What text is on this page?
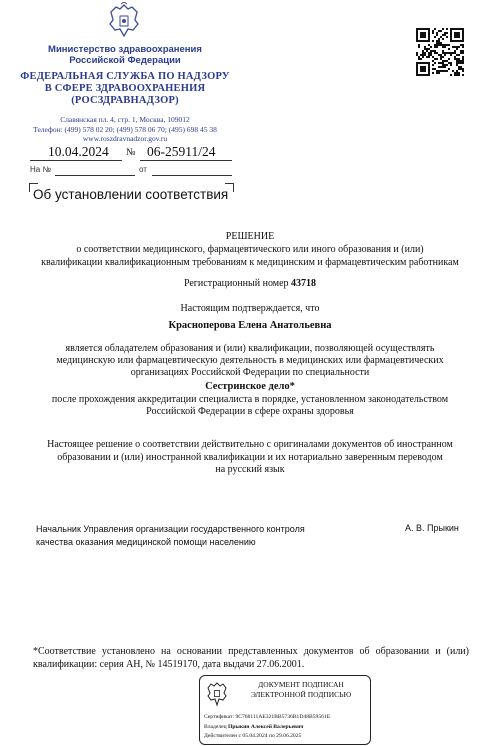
Министерство здравоохранения
Российской Федерации
ФЕДЕРАЛЬНАЯ СЛУЖБА ПО НАДЗОРУ
В СФЕРЕ ЗДРАВООХРАНЕНИЯ
(РОСЗДРАВНАДЗОР)
Славянская пл. 4, стр. 1, Москва, 109012
Телефон: (499) 578 02 20; (499) 578 06 70; (495) 698 45 38
www.roszdravnadzor.gov.ru
10.04.2024 № 06-25911/24
На №	от
Об установлении соответствия
РЕШЕНИЕ
о соответствии медицинского, фармацевтического или иного образования и (или)
квалификации квалификационным требованиям к медицинским и фармацевтическим работникам
Регистрационный номер 43718
Настоящим подтверждается, что
Красноперова Елена Анатольевна
является обладателем образования и (или) квалификации, позволяющей осуществлять
медицинскую или фармацевтическую деятельность в медицинских или фармацевтических
организациях Российской Федерации по специальности
Сестринское дело*
после прохождения аккредитации специалиста в порядке, установленном законодательством
Российской Федерации в сфере охраны здоровья
Настоящее решение о соответствии действительно с оригиналами документов об иностранном
образовании и (или) иностранной квалификации и их нотариально заверенным переводом
на русский язык
Начальник Управления организации государственного контроля
качества оказания медицинской помощи населению
А. В. Прыкин
*Соответствие установлено на основании представленных документов об образовании и (или)
квалификации: серия АН, № 14519170, дата выдачи 27.06.2001.
ДОКУМЕНТ ПОДПИСАН
ЭЛЕКТРОННОЙ ПОДПИСЬЮ
Сертификат: 9C768111AE321BB5736B1D48B59561E
Владелец Прыкин Алексей Валерьевич
Действителен с 05.04.2024 по 29.06.2025
